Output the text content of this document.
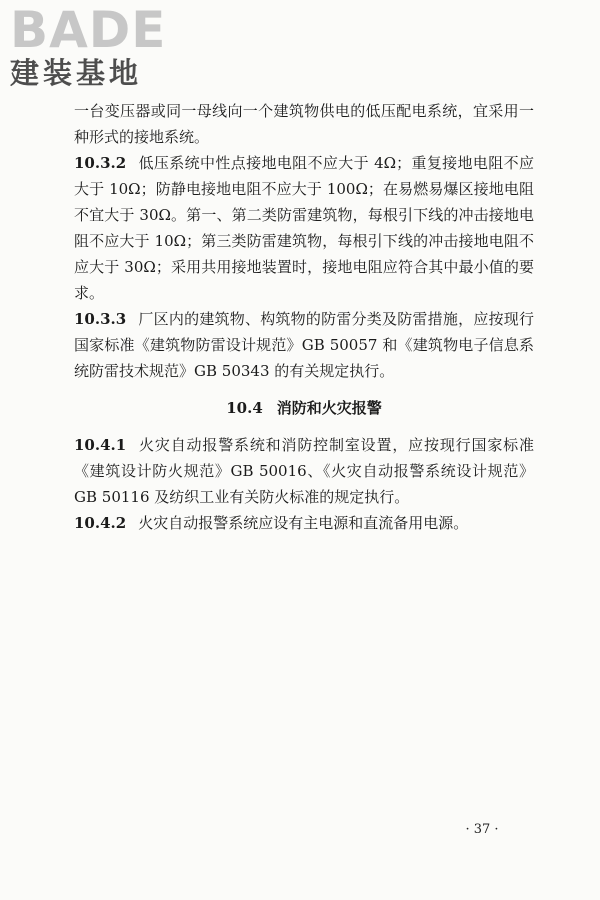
BADE
建装基地

一台变压器或同一母线向一个建筑物供电的低压配电系统，宜采用一种形式的接地系统。

10.3.2 低压系统中性点接地电阻不应大于 4Ω；重复接地电阻不应大于 10Ω；防静电接地电阻不应大于 100Ω；在易燃易爆区接地电阻不宜大于 30Ω。第一、第二类防雷建筑物，每根引下线的冲击接地电阻不应大于 10Ω；第三类防雷建筑物，每根引下线的冲击接地电阻不应大于 30Ω；采用共用接地装置时，接地电阻应符合其中最小值的要求。

10.3.3 厂区内的建筑物、构筑物的防雷分类及防雷措施，应按现行国家标准《建筑物防雷设计规范》GB 50057 和《建筑物电子信息系统防雷技术规范》GB 50343 的有关规定执行。

10.4 消防和火灾报警

10.4.1 火灾自动报警系统和消防控制室设置，应按现行国家标准《建筑设计防火规范》GB 50016、《火灾自动报警系统设计规范》GB 50116 及纺织工业有关防火标准的规定执行。

10.4.2 火灾自动报警系统应设有主电源和直流备用电源。

· 37 ·
